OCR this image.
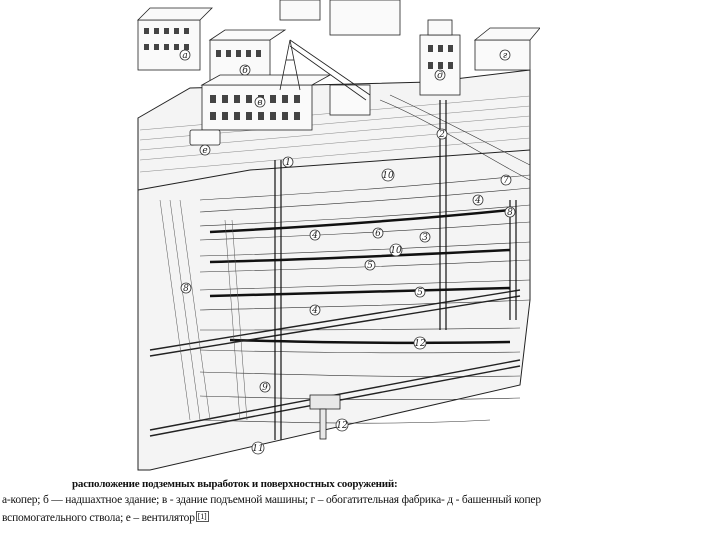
а
б
в
г
д
е
1
2
3
4
4
4
5
5
6
7
8
8
9
10
10
11
12
12
расположение подземных выработок и поверхностных сооружений:
а-копер; б — надшахтное здание; в - здание подъемной машины; г – обогатительная фабрика- д - башенный копер
вспомогательного ствола; е – вентилятор [1]
